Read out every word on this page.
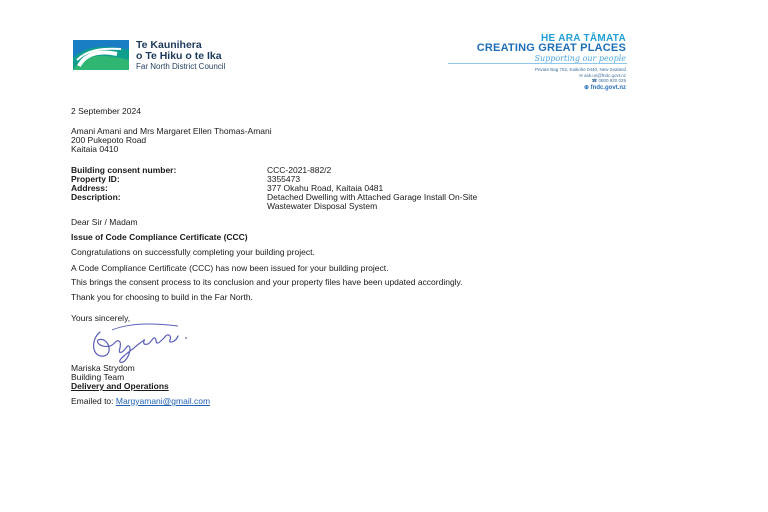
Te Kaunihera
o Te Hiku o te Ika
Far North District Council
HE ARA TĀMATA
CREATING GREAT PLACES
Supporting our people
Private Bag 752, Kaikohe 0440, New Zealand
✉ ask.us@fndc.govt.nz
☎ 0800 920 029
⊕ fndc.govt.nz
2 September 2024
Amani Amani and Mrs Margaret Ellen Thomas-Amani
200 Pukepoto Road
Kaitaia 0410
Building consent number:	CCC-2021-882/2
Property ID:	3355473
Address:	377 Okahu Road, Kaitaia 0481
Description:	Detached Dwelling with Attached Garage Install On-Site
Wastewater Disposal System
Dear Sir / Madam
Issue of Code Compliance Certificate (CCC)
Congratulations on successfully completing your building project.
A Code Compliance Certificate (CCC) has now been issued for your building project.
This brings the consent process to its conclusion and your property files have been updated accordingly.
Thank you for choosing to build in the Far North.
Yours sincerely,
Mariska Strydom
Building Team
Delivery and Operations
Emailed to: Margyamani@gmail.com
